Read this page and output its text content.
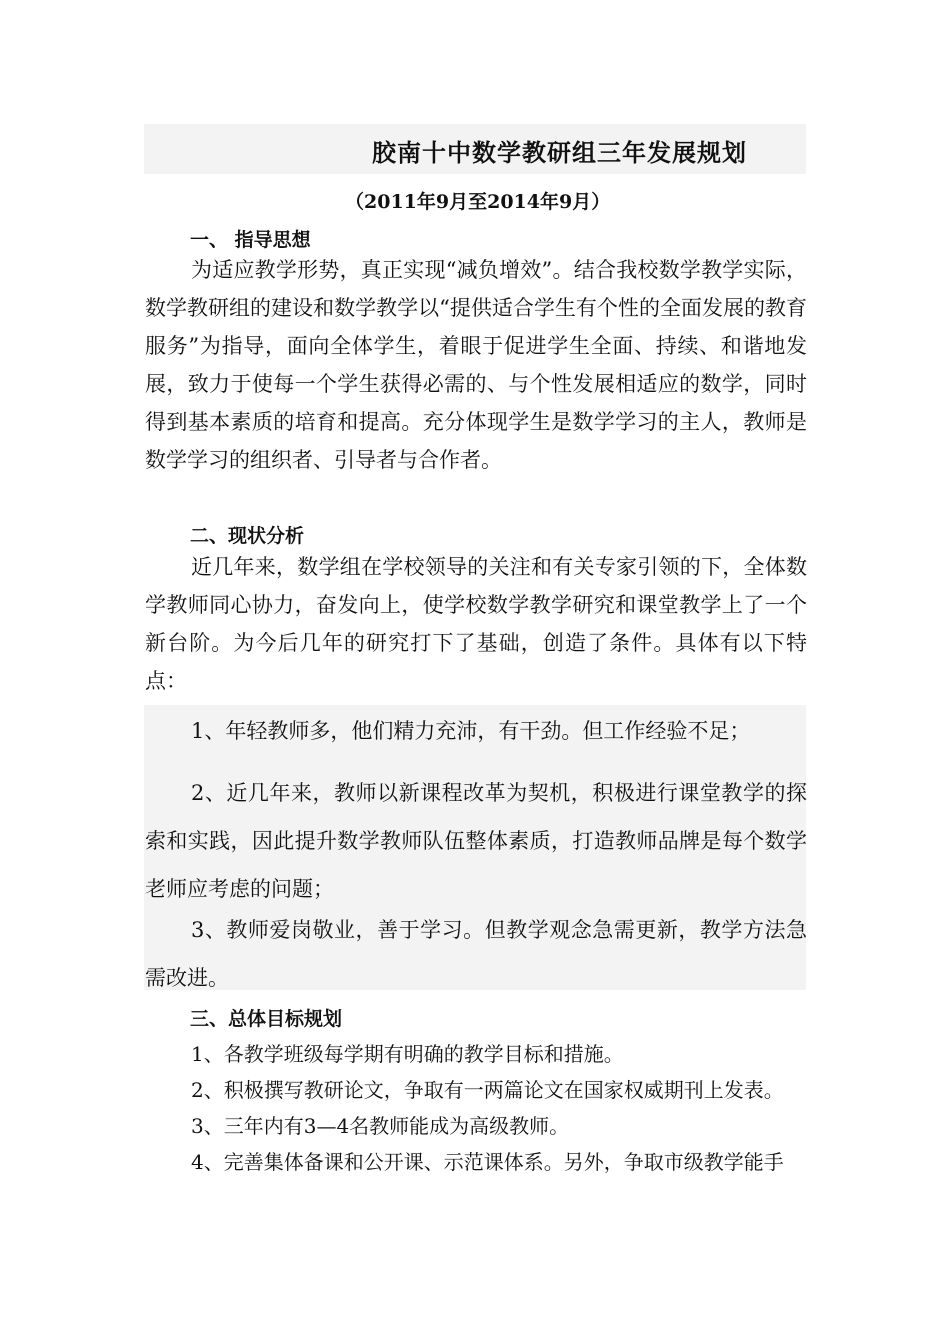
胶南十中数学教研组三年发展规划
（2011年9月至2014年9月）
一、 指导思想

为适应教学形势，真正实现“减负增效”。结合我校数学教学实际，数学教研组的建设和数学教学以“提供适合学生有个性的全面发展的教育服务”为指导，面向全体学生，着眼于促进学生全面、持续、和谐地发展，致力于使每一个学生获得必需的、与个性发展相适应的数学，同时得到基本素质的培育和提高。充分体现学生是数学学习的主人，教师是数学学习的组织者、引导者与合作者。

二、现状分析

近几年来，数学组在学校领导的关注和有关专家引领的下，全体数学教师同心协力，奋发向上，使学校数学教学研究和课堂教学上了一个新台阶。为今后几年的研究打下了基础，创造了条件。具体有以下特点：

1、年轻教师多，他们精力充沛，有干劲。但工作经验不足；

2、近几年来，教师以新课程改革为契机，积极进行课堂教学的探索和实践，因此提升数学教师队伍整体素质，打造教师品牌是每个数学老师应考虑的问题；

3、教师爱岗敬业，善于学习。但教学观念急需更新，教学方法急需改进。

三、总体目标规划

1、各教学班级每学期有明确的教学目标和措施。

2、积极撰写教研论文，争取有一两篇论文在国家权威期刊上发表。

3、三年内有3—4名教师能成为高级教师。

4、完善集体备课和公开课、示范课体系。另外，争取市级教学能手
